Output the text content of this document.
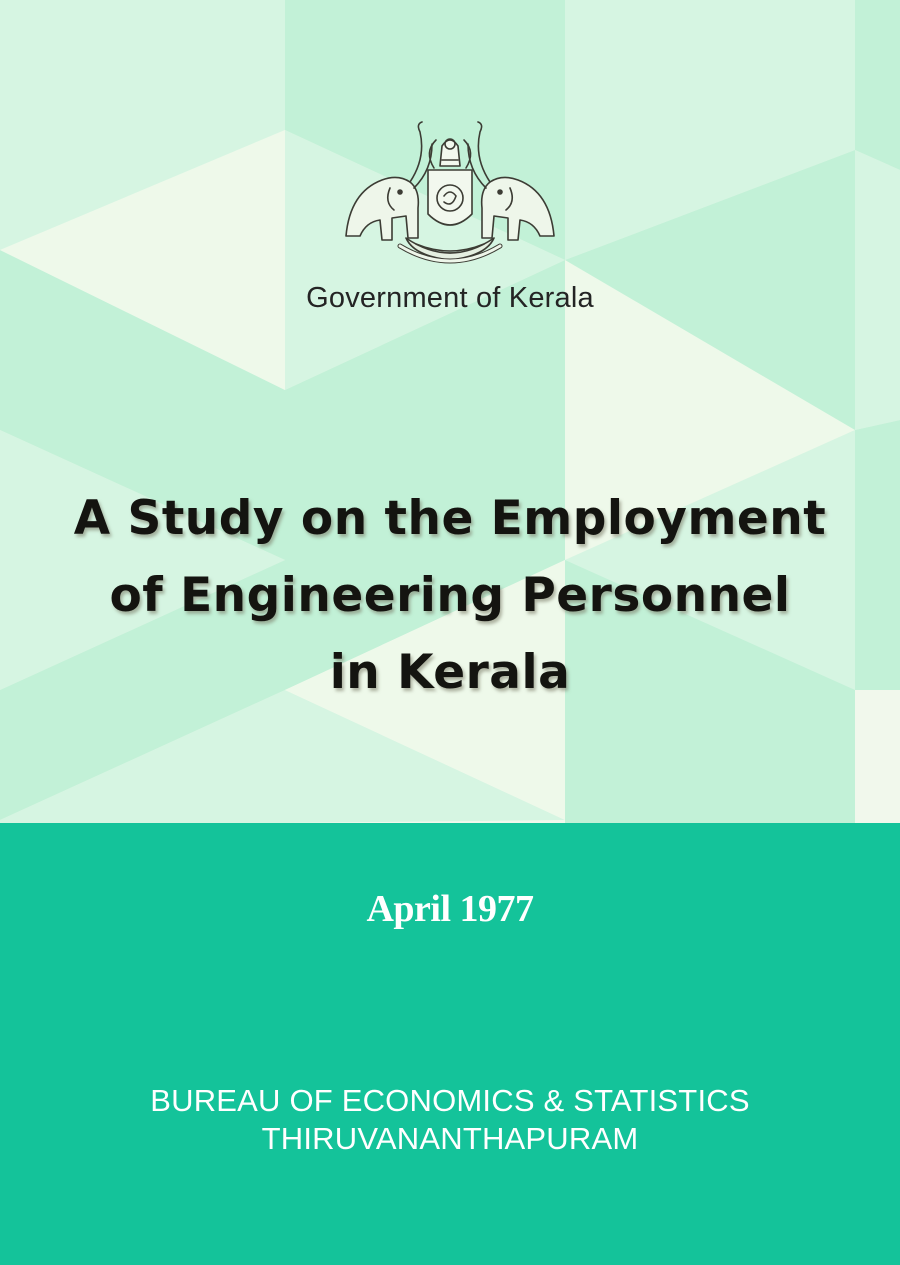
Government of Kerala
A Study on the Employment
of Engineering Personnel
in Kerala
April 1977
BUREAU OF ECONOMICS & STATISTICS
THIRUVANANTHAPURAM
